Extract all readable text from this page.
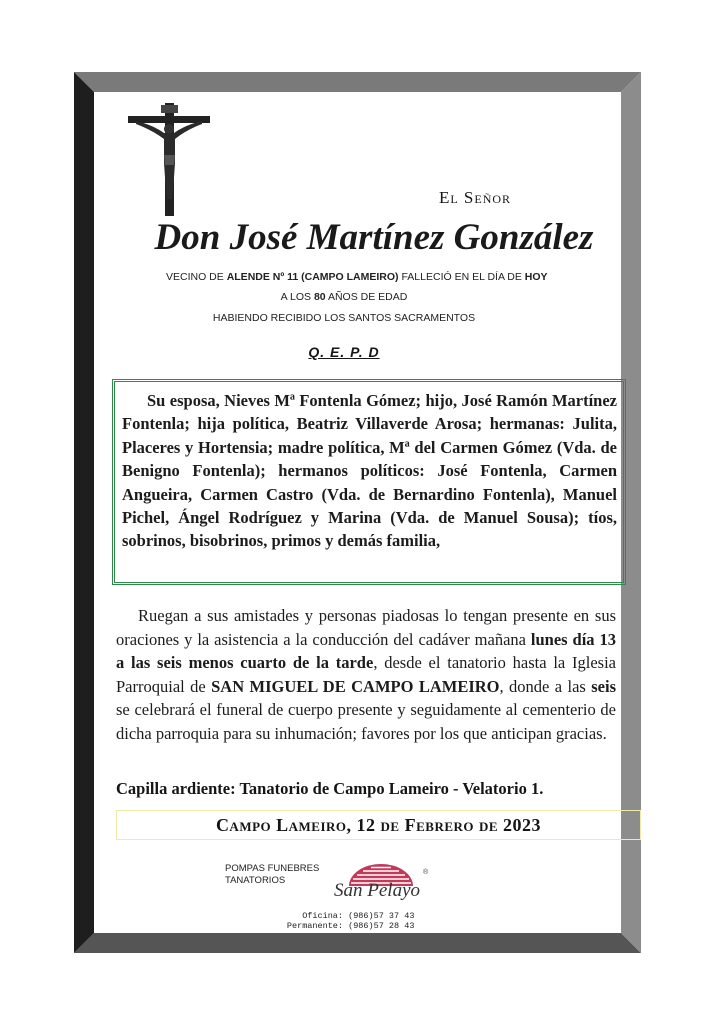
El Señor
Don José Martínez González
VECINO DE ALENDE Nº 11 (CAMPO LAMEIRO) FALLECIÓ EN EL DÍA DE HOY
A LOS 80 AÑOS DE EDAD
HABIENDO RECIBIDO LOS SANTOS SACRAMENTOS
Q. E. P. D

Su esposa, Nieves Mª Fontenla Gómez; hijo, José Ramón Martínez Fontenla; hija política, Beatriz Villaverde Arosa; hermanas: Julita, Placeres y Hortensia; madre política, Mª del Carmen Gómez (Vda. de Benigno Fontenla); hermanos políticos: José Fontenla, Carmen Angueira, Carmen Castro (Vda. de Bernardino Fontenla), Manuel Pichel, Ángel Rodríguez y Marina (Vda. de Manuel Sousa); tíos, sobrinos, bisobrinos, primos y demás familia,

Ruegan a sus amistades y personas piadosas lo tengan presente en sus oraciones y la asistencia a la conducción del cadáver mañana lunes día 13 a las seis menos cuarto de la tarde, desde el tanatorio hasta la Iglesia Parroquial de SAN MIGUEL DE CAMPO LAMEIRO, donde a las seis se celebrará el funeral de cuerpo presente y seguidamente al cementerio de dicha parroquia para su inhumación; favores por los que anticipan gracias.
Capilla ardiente: Tanatorio de Campo Lameiro - Velatorio 1.
Campo Lameiro, 12 de Febrero de 2023
POMPAS FUNEBRES
TANATORIOS
®
San Pelayo
Oficina: (986)57 37 43
Permanente: (986)57 28 43
